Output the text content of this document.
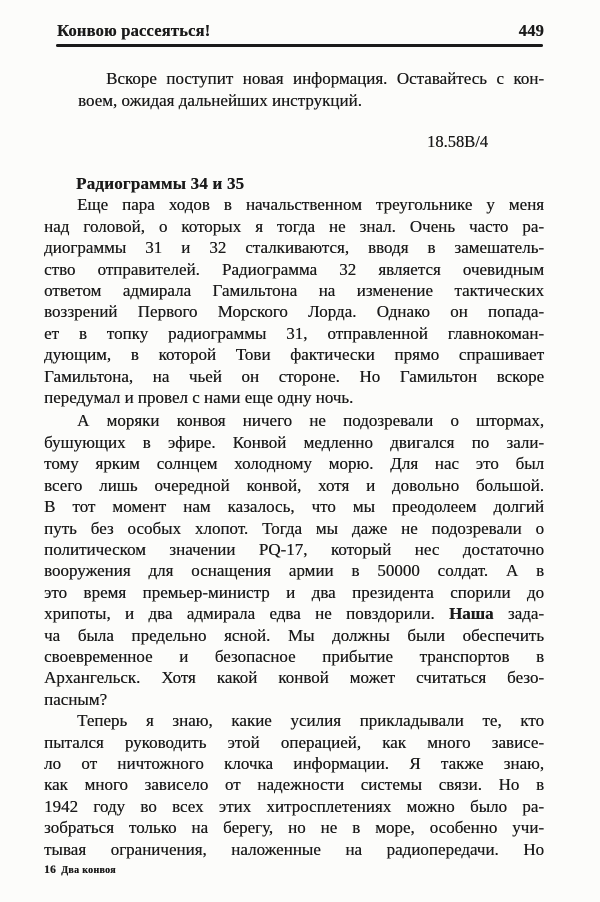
Конвою рассеяться!	449
Вскоре поступит новая информация. Оставайтесь с кон-
воем, ожидая дальнейших инструкций.
18.58В/4
Радиограммы 34 и 35
Еще пара ходов в начальственном треугольнике у меня
над головой, о которых я тогда не знал. Очень часто ра-
диограммы 31 и 32 сталкиваются, вводя в замешатель-
ство отправителей. Радиограмма 32 является очевидным
ответом адмирала Гамильтона на изменение тактических
воззрений Первого Морского Лорда. Однако он попада-
ет в топку радиограммы 31, отправленной главнокоман-
дующим, в которой Тови фактически прямо спрашивает
Гамильтона, на чьей он стороне. Но Гамильтон вскоре
передумал и провел с нами еще одну ночь.
А моряки конвоя ничего не подозревали о штормах,
бушующих в эфире. Конвой медленно двигался по зали-
тому ярким солнцем холодному морю. Для нас это был
всего лишь очередной конвой, хотя и довольно большой.
В тот момент нам казалось, что мы преодолеем долгий
путь без особых хлопот. Тогда мы даже не подозревали о
политическом значении PQ-17, который нес достаточно
вооружения для оснащения армии в 50000 солдат. А в
это время премьер-министр и два президента спорили до
хрипоты, и два адмирала едва не повздорили. Наша зада-
ча была предельно ясной. Мы должны были обеспечить
своевременное и безопасное прибытие транспортов в
Архангельск. Хотя какой конвой может считаться безо-
пасным?
Теперь я знаю, какие усилия прикладывали те, кто
пытался руководить этой операцией, как много зависе-
ло от ничтожного клочка информации. Я также знаю,
как много зависело от надежности системы связи. Но в
1942 году во всех этих хитросплетениях можно было ра-
зобраться только на берегу, но не в море, особенно учи-
тывая ограничения, наложенные на радиопередачи. Но
16 Два конвоя
